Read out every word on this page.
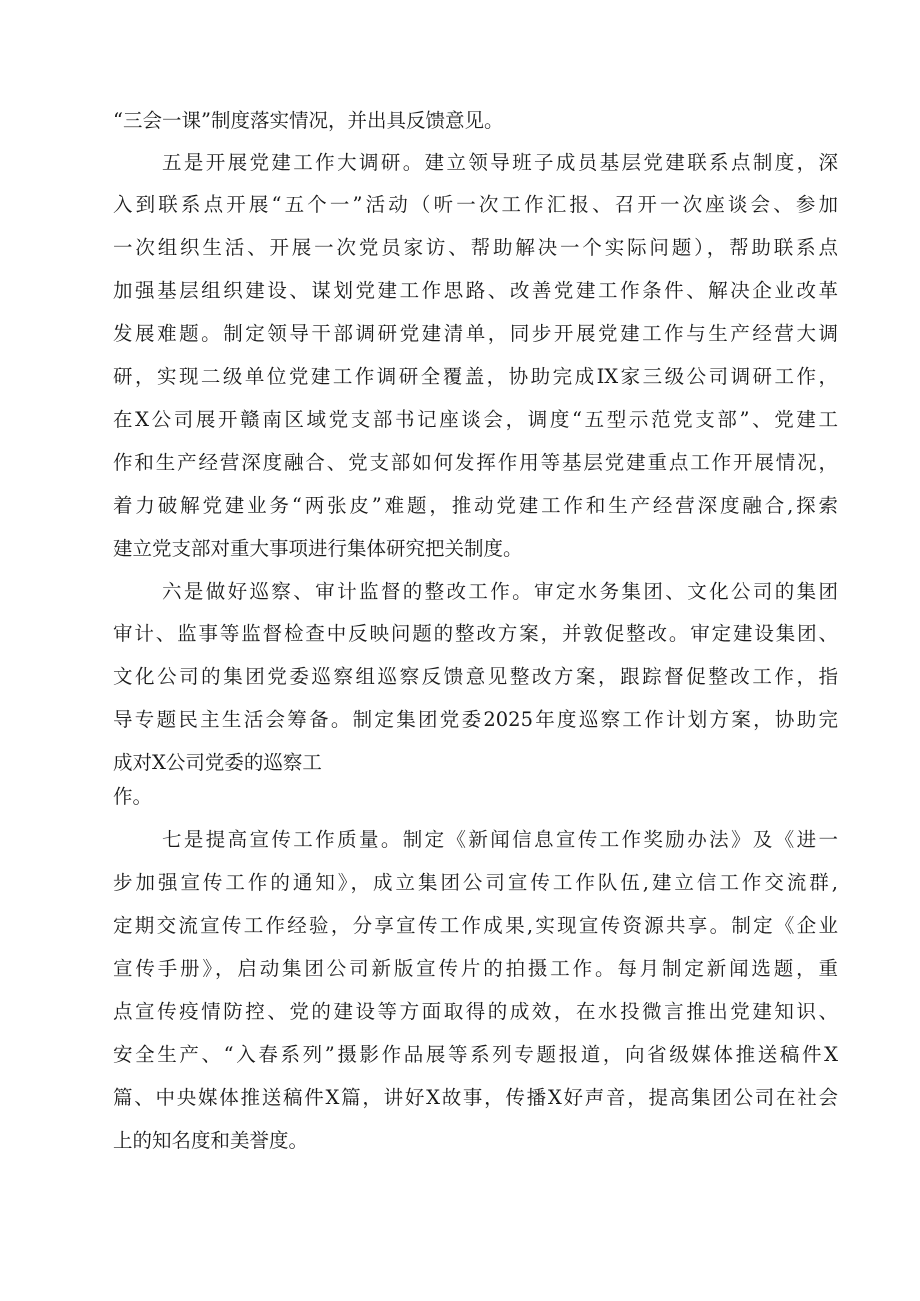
“三会一课”制度落实情况，并出具反馈意见。
五是开展党建工作大调研。建立领导班子成员基层党建联系点制度，深
入到联系点开展“五个一”活动（听一次工作汇报、召开一次座谈会、参加
一次组织生活、开展一次党员家访、帮助解决一个实际问题），帮助联系点
加强基层组织建设、谋划党建工作思路、改善党建工作条件、解决企业改革
发展难题。制定领导干部调研党建清单，同步开展党建工作与生产经营大调
研，实现二级单位党建工作调研全覆盖，协助完成IX家三级公司调研工作，
在X公司展开赣南区域党支部书记座谈会，调度“五型示范党支部”、党建工
作和生产经营深度融合、党支部如何发挥作用等基层党建重点工作开展情况，
着力破解党建业务“两张皮”难题，推动党建工作和生产经营深度融合,探索
建立党支部对重大事项进行集体研究把关制度。
六是做好巡察、审计监督的整改工作。审定水务集团、文化公司的集团
审计、监事等监督检查中反映问题的整改方案，并敦促整改。审定建设集团、
文化公司的集团党委巡察组巡察反馈意见整改方案，跟踪督促整改工作，指
导专题民主生活会筹备。制定集团党委2025年度巡察工作计划方案，协助完
成对X公司党委的巡察工
作。
七是提高宣传工作质量。制定《新闻信息宣传工作奖励办法》及《进一
步加强宣传工作的通知》，成立集团公司宣传工作队伍,建立信工作交流群,
定期交流宣传工作经验，分享宣传工作成果,实现宣传资源共享。制定《企业
宣传手册》，启动集团公司新版宣传片的拍摄工作。每月制定新闻选题，重
点宣传疫情防控、党的建设等方面取得的成效，在水投微言推出党建知识、
安全生产、“入春系列”摄影作品展等系列专题报道，向省级媒体推送稿件X
篇、中央媒体推送稿件X篇，讲好X故事，传播X好声音，提高集团公司在社会
上的知名度和美誉度。
